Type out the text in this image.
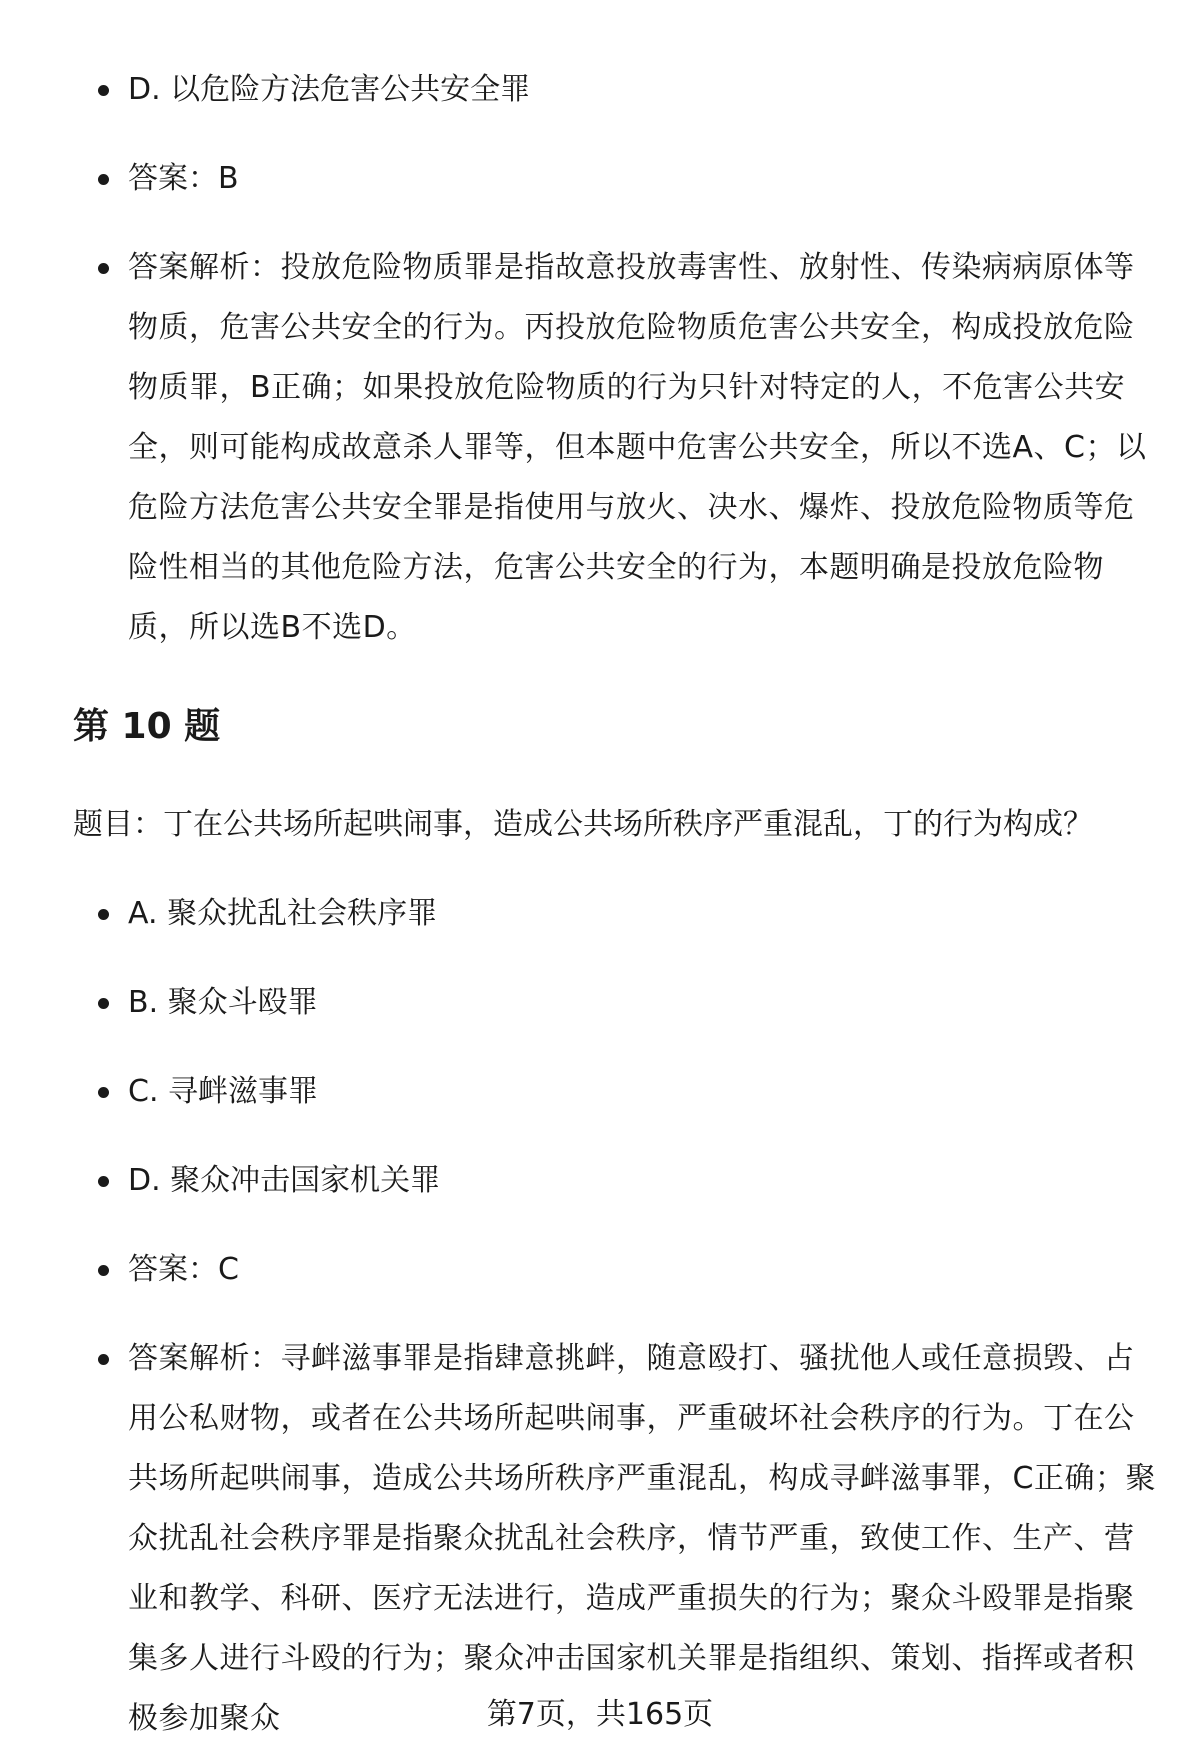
D. 以危险方法危害公共安全罪
答案：B
答案解析：投放危险物质罪是指故意投放毒害性、放射性、传染病病原体等物质，危害公共安全的行为。丙投放危险物质危害公共安全，构成投放危险物质罪，B正确；如果投放危险物质的行为只针对特定的人，不危害公共安全，则可能构成故意杀人罪等，但本题中危害公共安全，所以不选A、C；以危险方法危害公共安全罪是指使用与放火、决水、爆炸、投放危险物质等危险性相当的其他危险方法，危害公共安全的行为，本题明确是投放危险物质，所以选B不选D。
第 10 题

题目：丁在公共场所起哄闹事，造成公共场所秩序严重混乱，丁的行为构成？

A. 聚众扰乱社会秩序罪
B. 聚众斗殴罪
C. 寻衅滋事罪
D. 聚众冲击国家机关罪
答案：C
答案解析：寻衅滋事罪是指肆意挑衅，随意殴打、骚扰他人或任意损毁、占用公私财物，或者在公共场所起哄闹事，严重破坏社会秩序的行为。丁在公共场所起哄闹事，造成公共场所秩序严重混乱，构成寻衅滋事罪，C正确；聚众扰乱社会秩序罪是指聚众扰乱社会秩序，情节严重，致使工作、生产、营业和教学、科研、医疗无法进行，造成严重损失的行为；聚众斗殴罪是指聚集多人进行斗殴的行为；聚众冲击国家机关罪是指组织、策划、指挥或者积极参加聚众	第7页，共165页
